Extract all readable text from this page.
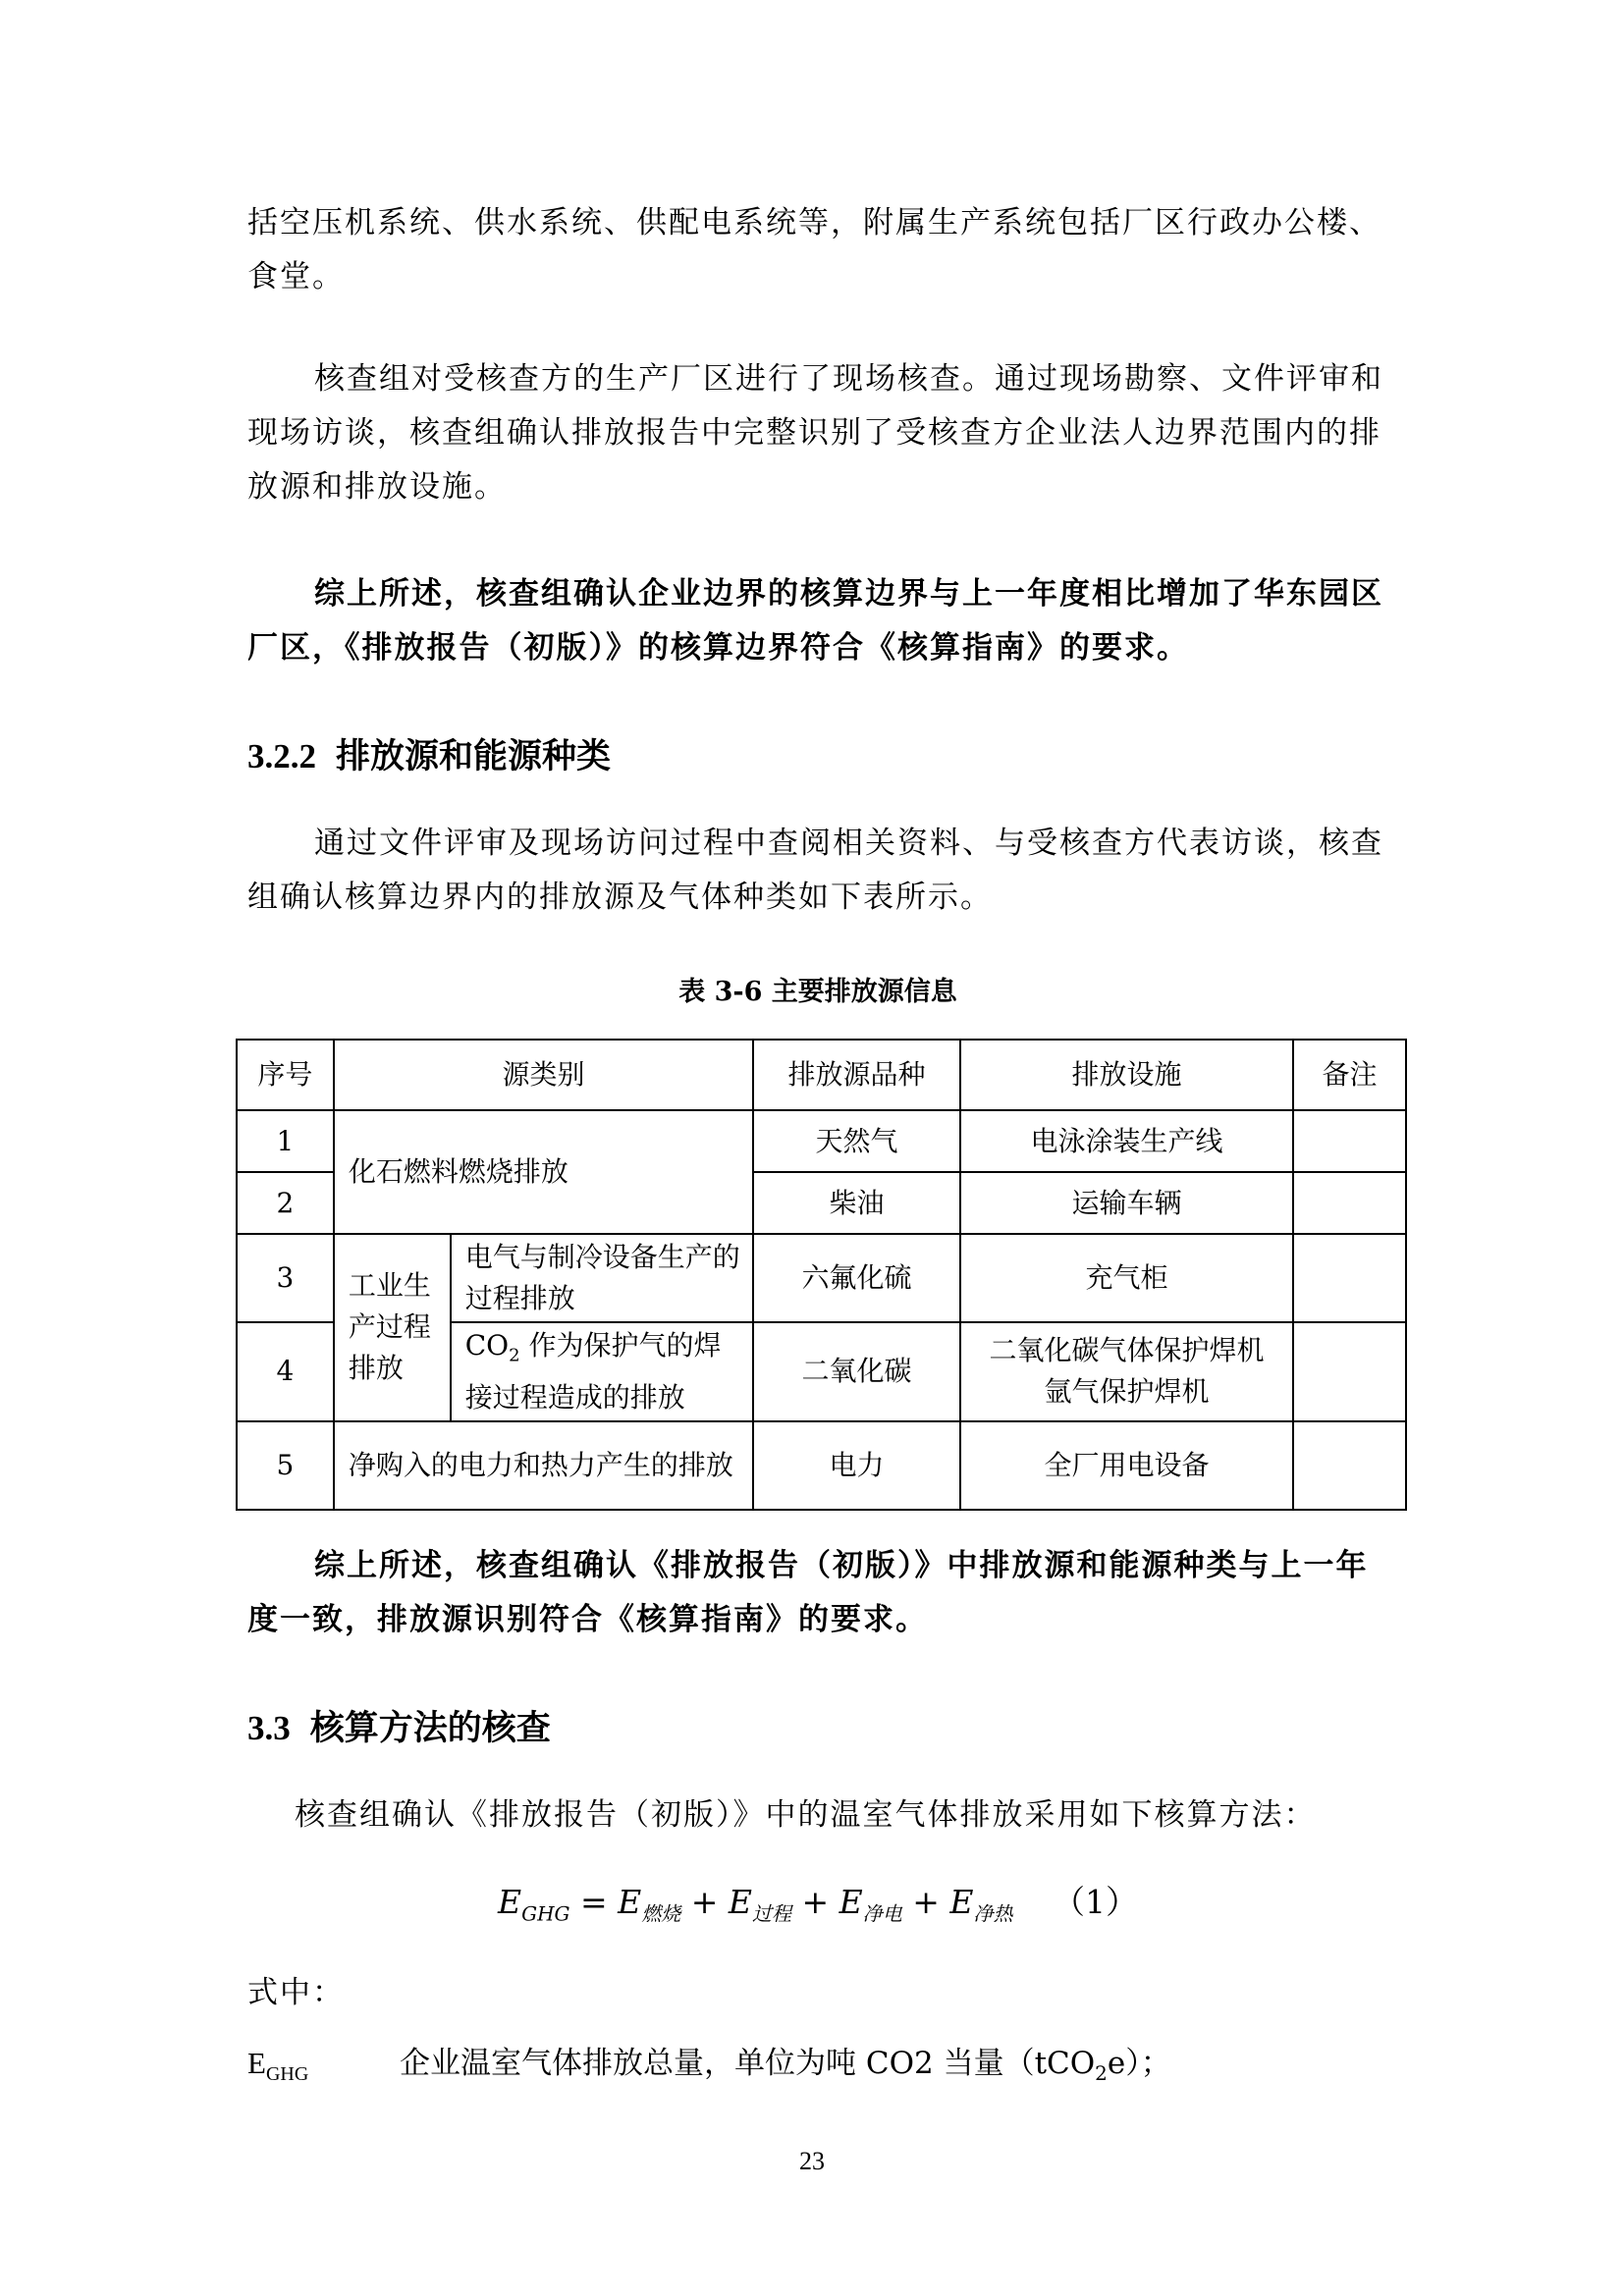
括空压机系统、供水系统、供配电系统等，附属生产系统包括厂区行政办公楼、食堂。
核查组对受核查方的生产厂区进行了现场核查。通过现场勘察、文件评审和现场访谈，核查组确认排放报告中完整识别了受核查方企业法人边界范围内的排放源和排放设施。
综上所述，核查组确认企业边界的核算边界与上一年度相比增加了华东园区厂区，《排放报告（初版）》的核算边界符合《核算指南》的要求。
3.2.2 排放源和能源种类
通过文件评审及现场访问过程中查阅相关资料、与受核查方代表访谈，核查组确认核算边界内的排放源及气体种类如下表所示。
表 3-6 主要排放源信息
序号	源类别		排放源品种	排放设施	备注
1	化石燃料燃烧排放		天然气	电泳涂装生产线	
2			柴油	运输车辆	
3	工业生产过程排放	电气与制冷设备生产的过程排放	六氟化硫	充气柜	
4		$CO_2$ 作为保护气的焊接过程造成的排放	二氧化碳	二氧化碳气体保护焊机
氩气保护焊机	

5	净购入的电力和热力产生的排放		电力	全厂用电设备	
综上所述，核查组确认《排放报告（初版）》中排放源和能源种类与上一年度一致，排放源识别符合《核算指南》的要求。
3.3 核算方法的核查
核查组确认《排放报告（初版）》中的温室气体排放采用如下核算方法：
$E_{GHG} = E_{燃烧} + E_{过程} + E_{净电} + E_{净热}$ （1）
式中：
$E_{GHG}$	企业温室气体排放总量，单位为吨 CO2 当量（tCO$_2$e）；
23
